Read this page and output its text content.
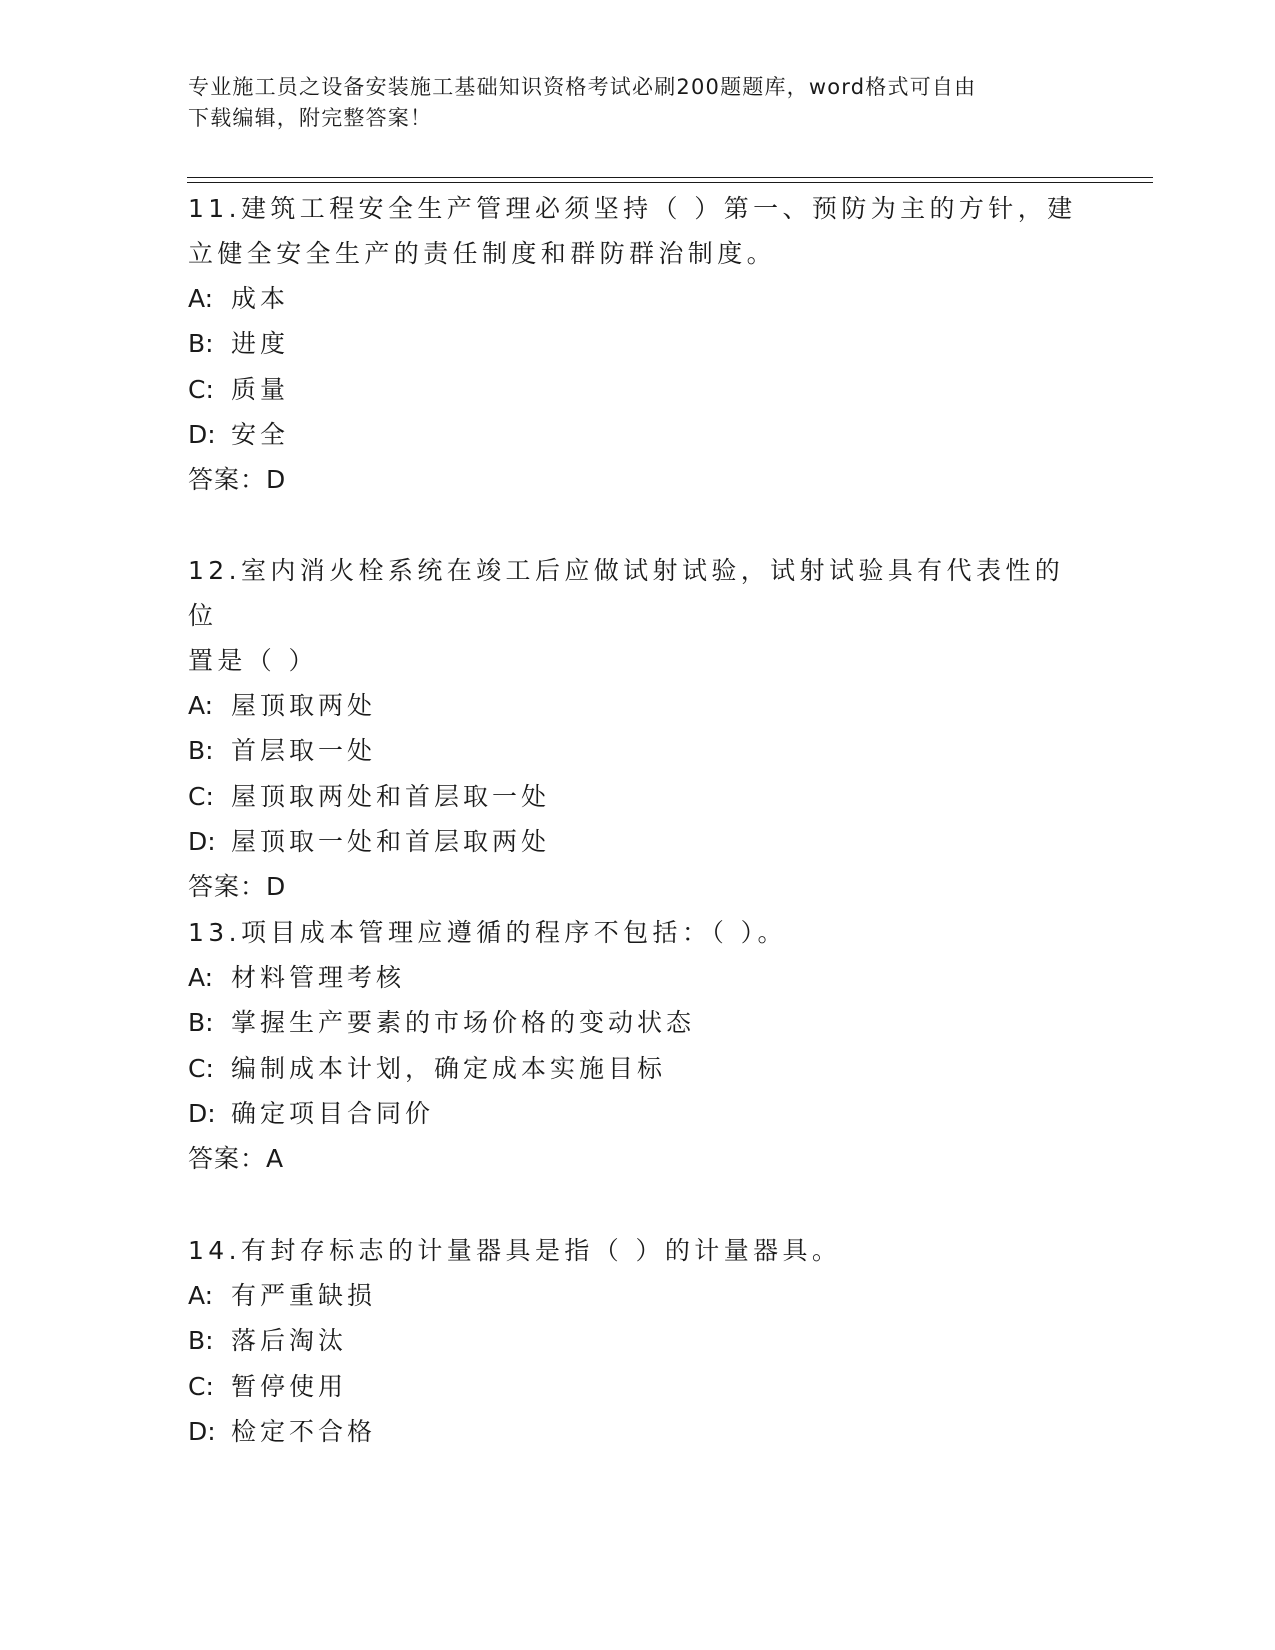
专业施工员之设备安装施工基础知识资格考试必刷200题题库，word格式可自由
下载编辑，附完整答案！

11.建筑工程安全生产管理必须坚持（ ）第一、预防为主的方针，建
立健全安全生产的责任制度和群防群治制度。

A: 成本
B: 进度
C: 质量
D: 安全
答案：D

12.室内消火栓系统在竣工后应做试射试验，试射试验具有代表性的位
置是（ ）

A: 屋顶取两处
B: 首层取一处
C: 屋顶取两处和首层取一处
D: 屋顶取一处和首层取两处
答案：D

13.项目成本管理应遵循的程序不包括：（ ）。

A: 材料管理考核
B: 掌握生产要素的市场价格的变动状态
C: 编制成本计划，确定成本实施目标
D: 确定项目合同价
答案：A

14.有封存标志的计量器具是指（ ）的计量器具。

A: 有严重缺损
B: 落后淘汰
C: 暂停使用
D: 检定不合格
